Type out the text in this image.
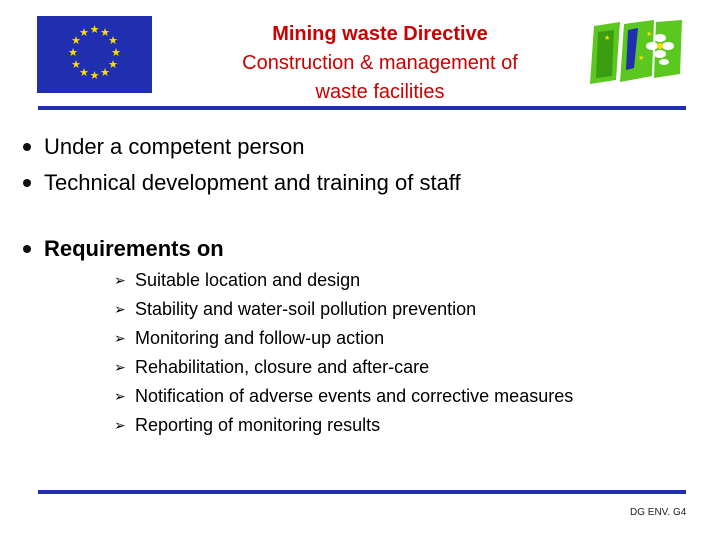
★ ★
★
★
★
★
★
★
★
★
★
★	Mining waste Directive
Construction & management of
waste facilities
★
★
★
Under a competent person
Technical development and training of staff
Requirements on
➢ Suitable location and design
➢ Stability and water-soil pollution prevention
➢ Monitoring and follow-up action
➢ Rehabilitation, closure and after-care
➢ Notification of adverse events and corrective measures
➢ Reporting of monitoring results
DG ENV. G4
